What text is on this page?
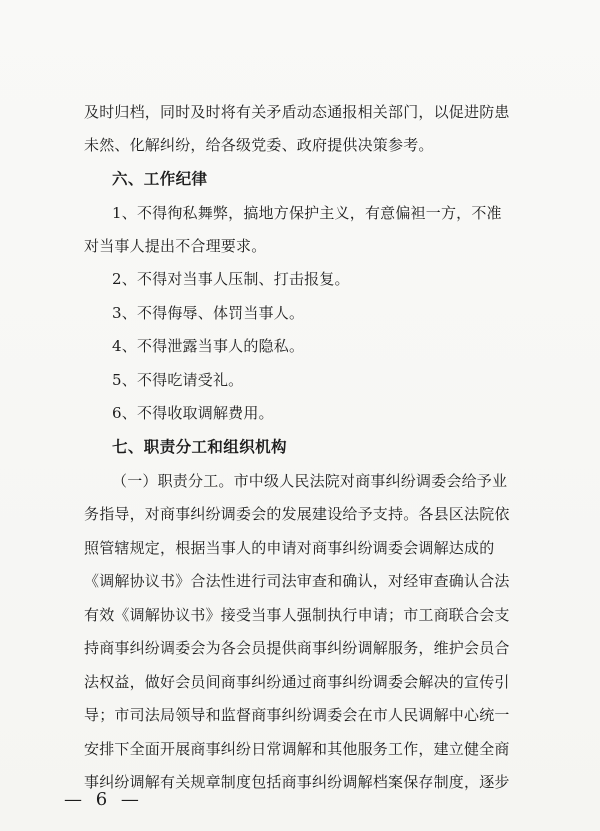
及时归档，同时及时将有关矛盾动态通报相关部门，以促进防患
未然、化解纠纷，给各级党委、政府提供决策参考。
六、工作纪律
1、不得徇私舞弊，搞地方保护主义，有意偏袒一方，不准
对当事人提出不合理要求。
2、不得对当事人压制、打击报复。
3、不得侮辱、体罚当事人。
4、不得泄露当事人的隐私。
5、不得吃请受礼。
6、不得收取调解费用。
七、职责分工和组织机构
（一）职责分工。市中级人民法院对商事纠纷调委会给予业
务指导，对商事纠纷调委会的发展建设给予支持。各县区法院依
照管辖规定，根据当事人的申请对商事纠纷调委会调解达成的
《调解协议书》合法性进行司法审查和确认，对经审查确认合法
有效《调解协议书》接受当事人强制执行申请；市工商联合会支
持商事纠纷调委会为各会员提供商事纠纷调解服务，维护会员合
法权益，做好会员间商事纠纷通过商事纠纷调委会解决的宣传引
导；市司法局领导和监督商事纠纷调委会在市人民调解中心统一
安排下全面开展商事纠纷日常调解和其他服务工作，建立健全商
事纠纷调解有关规章制度包括商事纠纷调解档案保存制度，逐步
— 6 —
